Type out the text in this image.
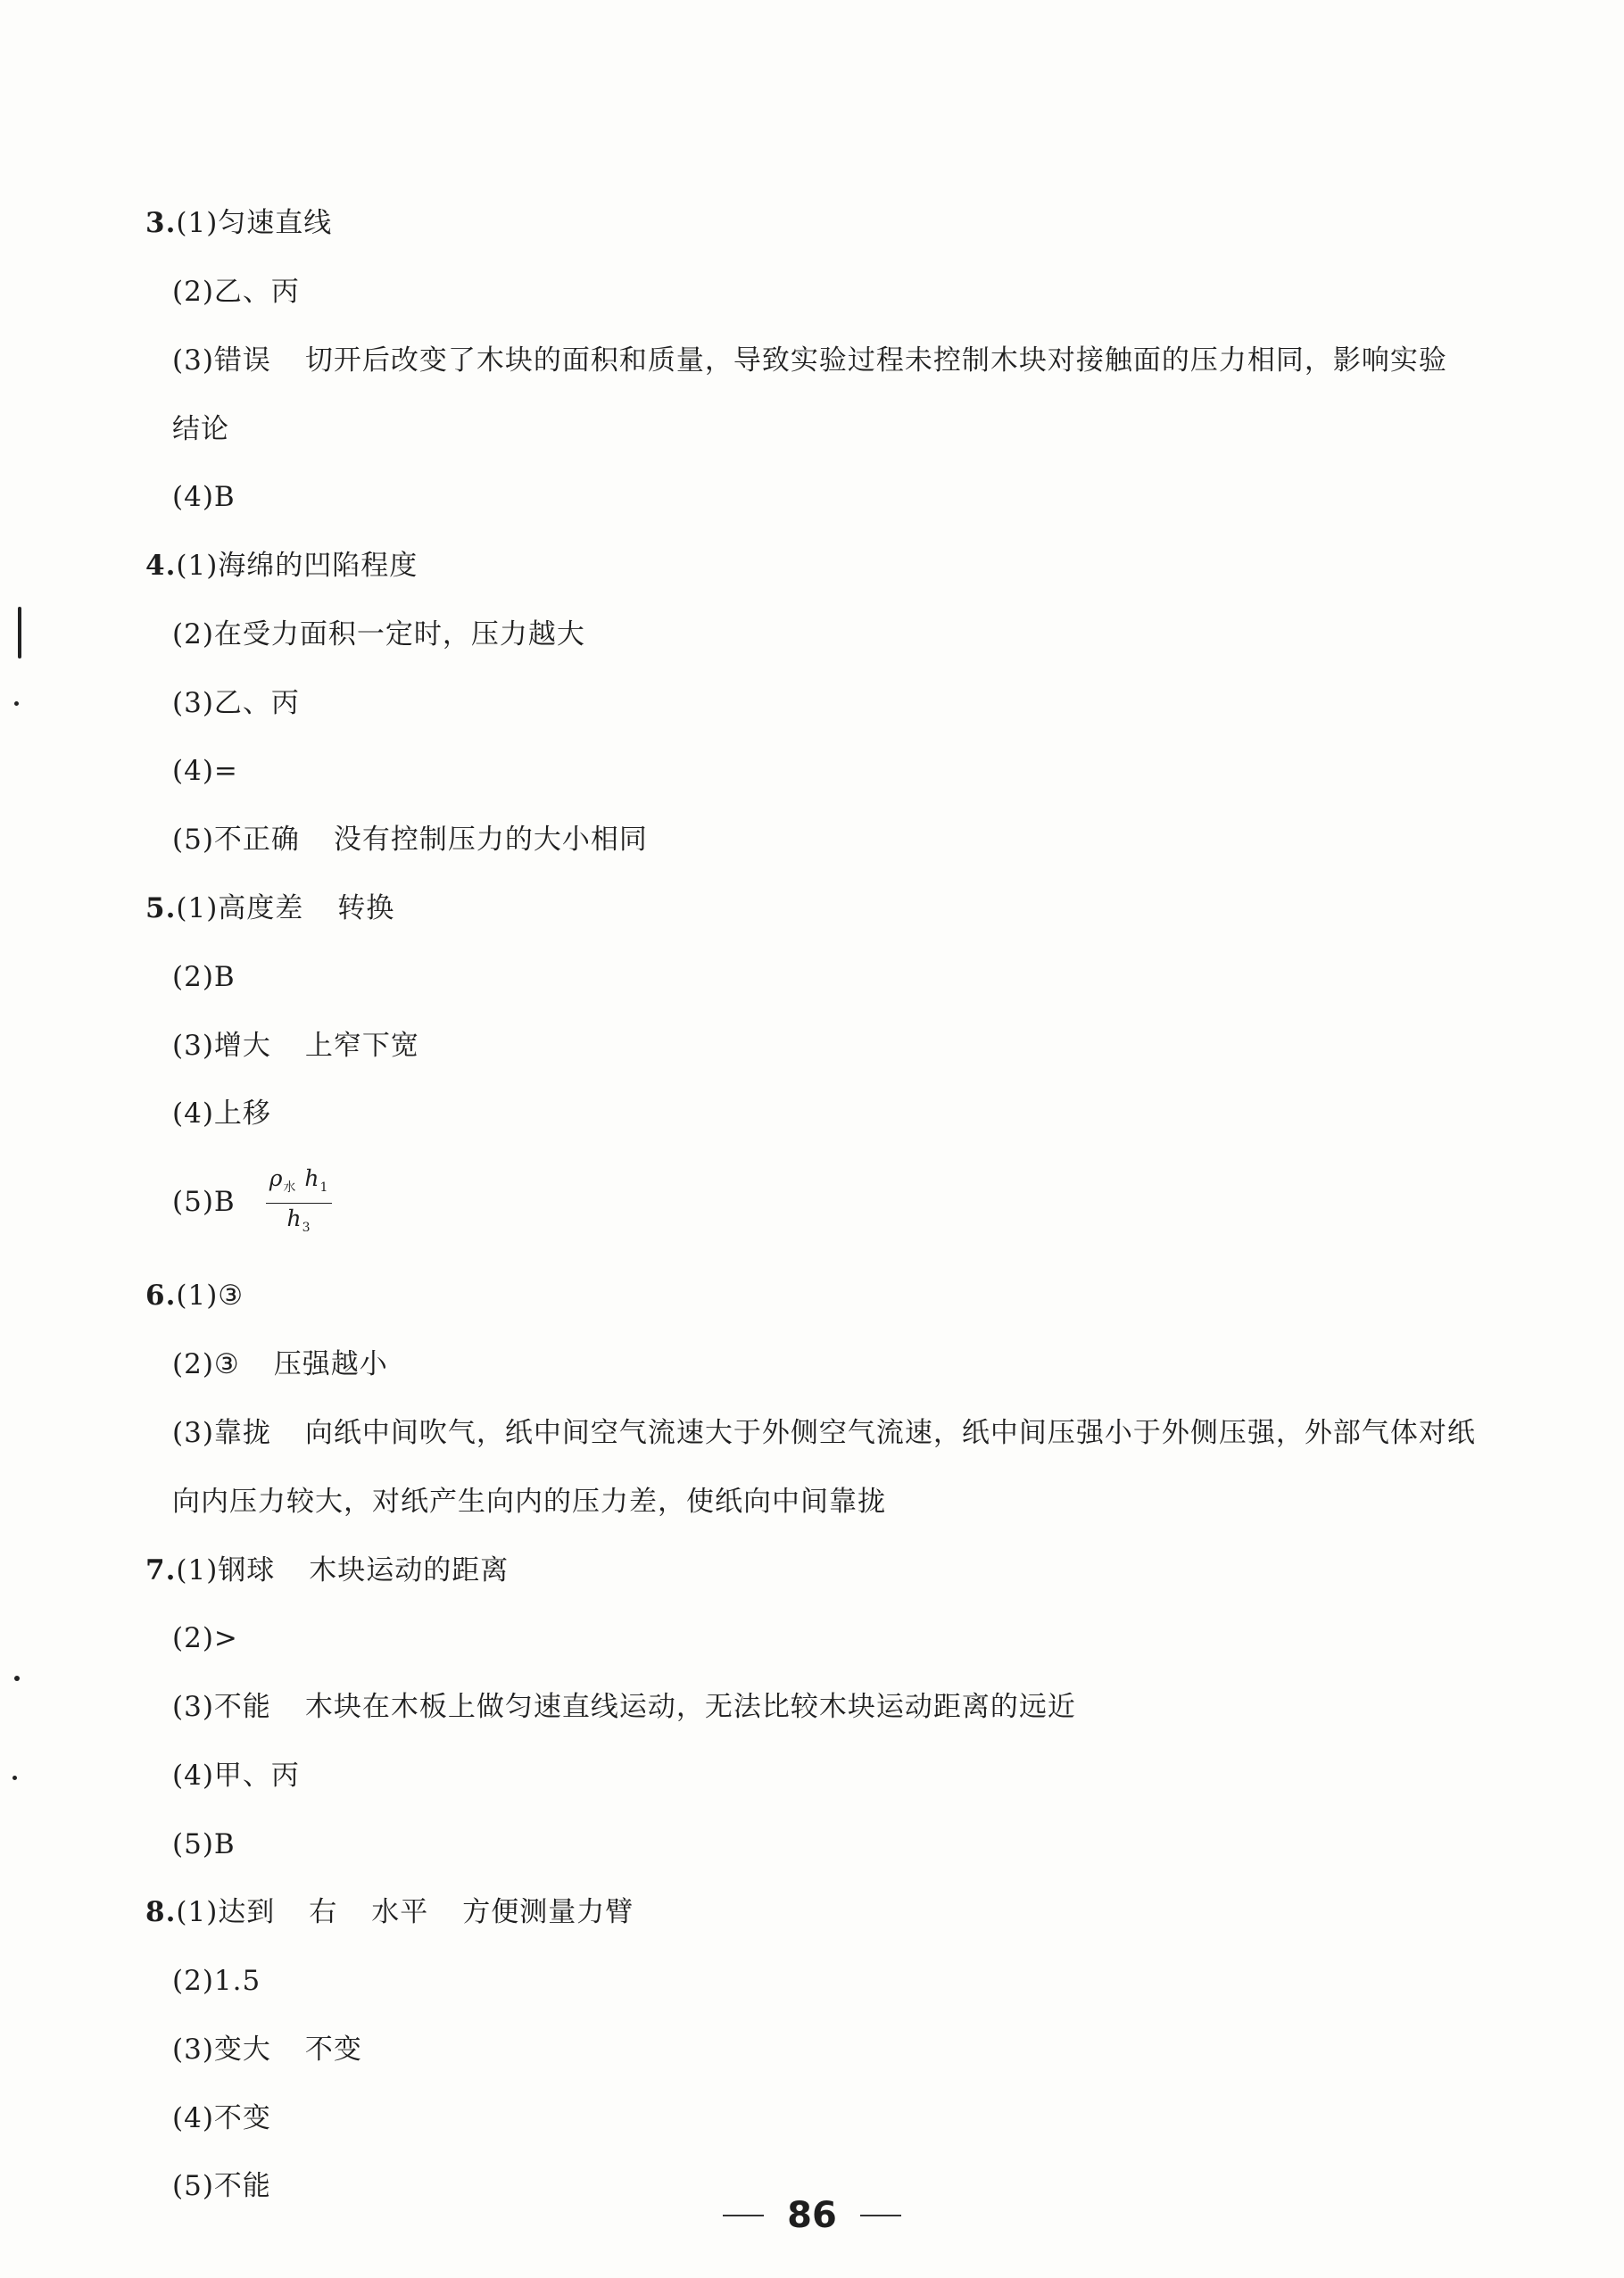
3.(1)匀速直线
(2)乙、丙
(3)错误 切开后改变了木块的面积和质量，导致实验过程未控制木块对接触面的压力相同，影响实验
结论
(4)B
4.(1)海绵的凹陷程度
(2)在受力面积一定时，压力越大
(3)乙、丙
(4)=
(5)不正确 没有控制压力的大小相同
5.(1)高度差 转换
(2)B
(3)增大 上窄下宽
(4)上移
$(5)B \frac{\rho_水 h_1}{h_3}$
6.(1)③
(2)③ 压强越小
(3)靠拢 向纸中间吹气，纸中间空气流速大于外侧空气流速，纸中间压强小于外侧压强，外部气体对纸
向内压力较大，对纸产生向内的压力差，使纸向中间靠拢
7.(1)钢球 木块运动的距离
(2)>
(3)不能 木块在木板上做匀速直线运动，无法比较木块运动距离的远近
(4)甲、丙
(5)B
8.(1)达到 右 水平 方便测量力臂
(2)1.5
(3)变大 不变
(4)不变
(5)不能
86
